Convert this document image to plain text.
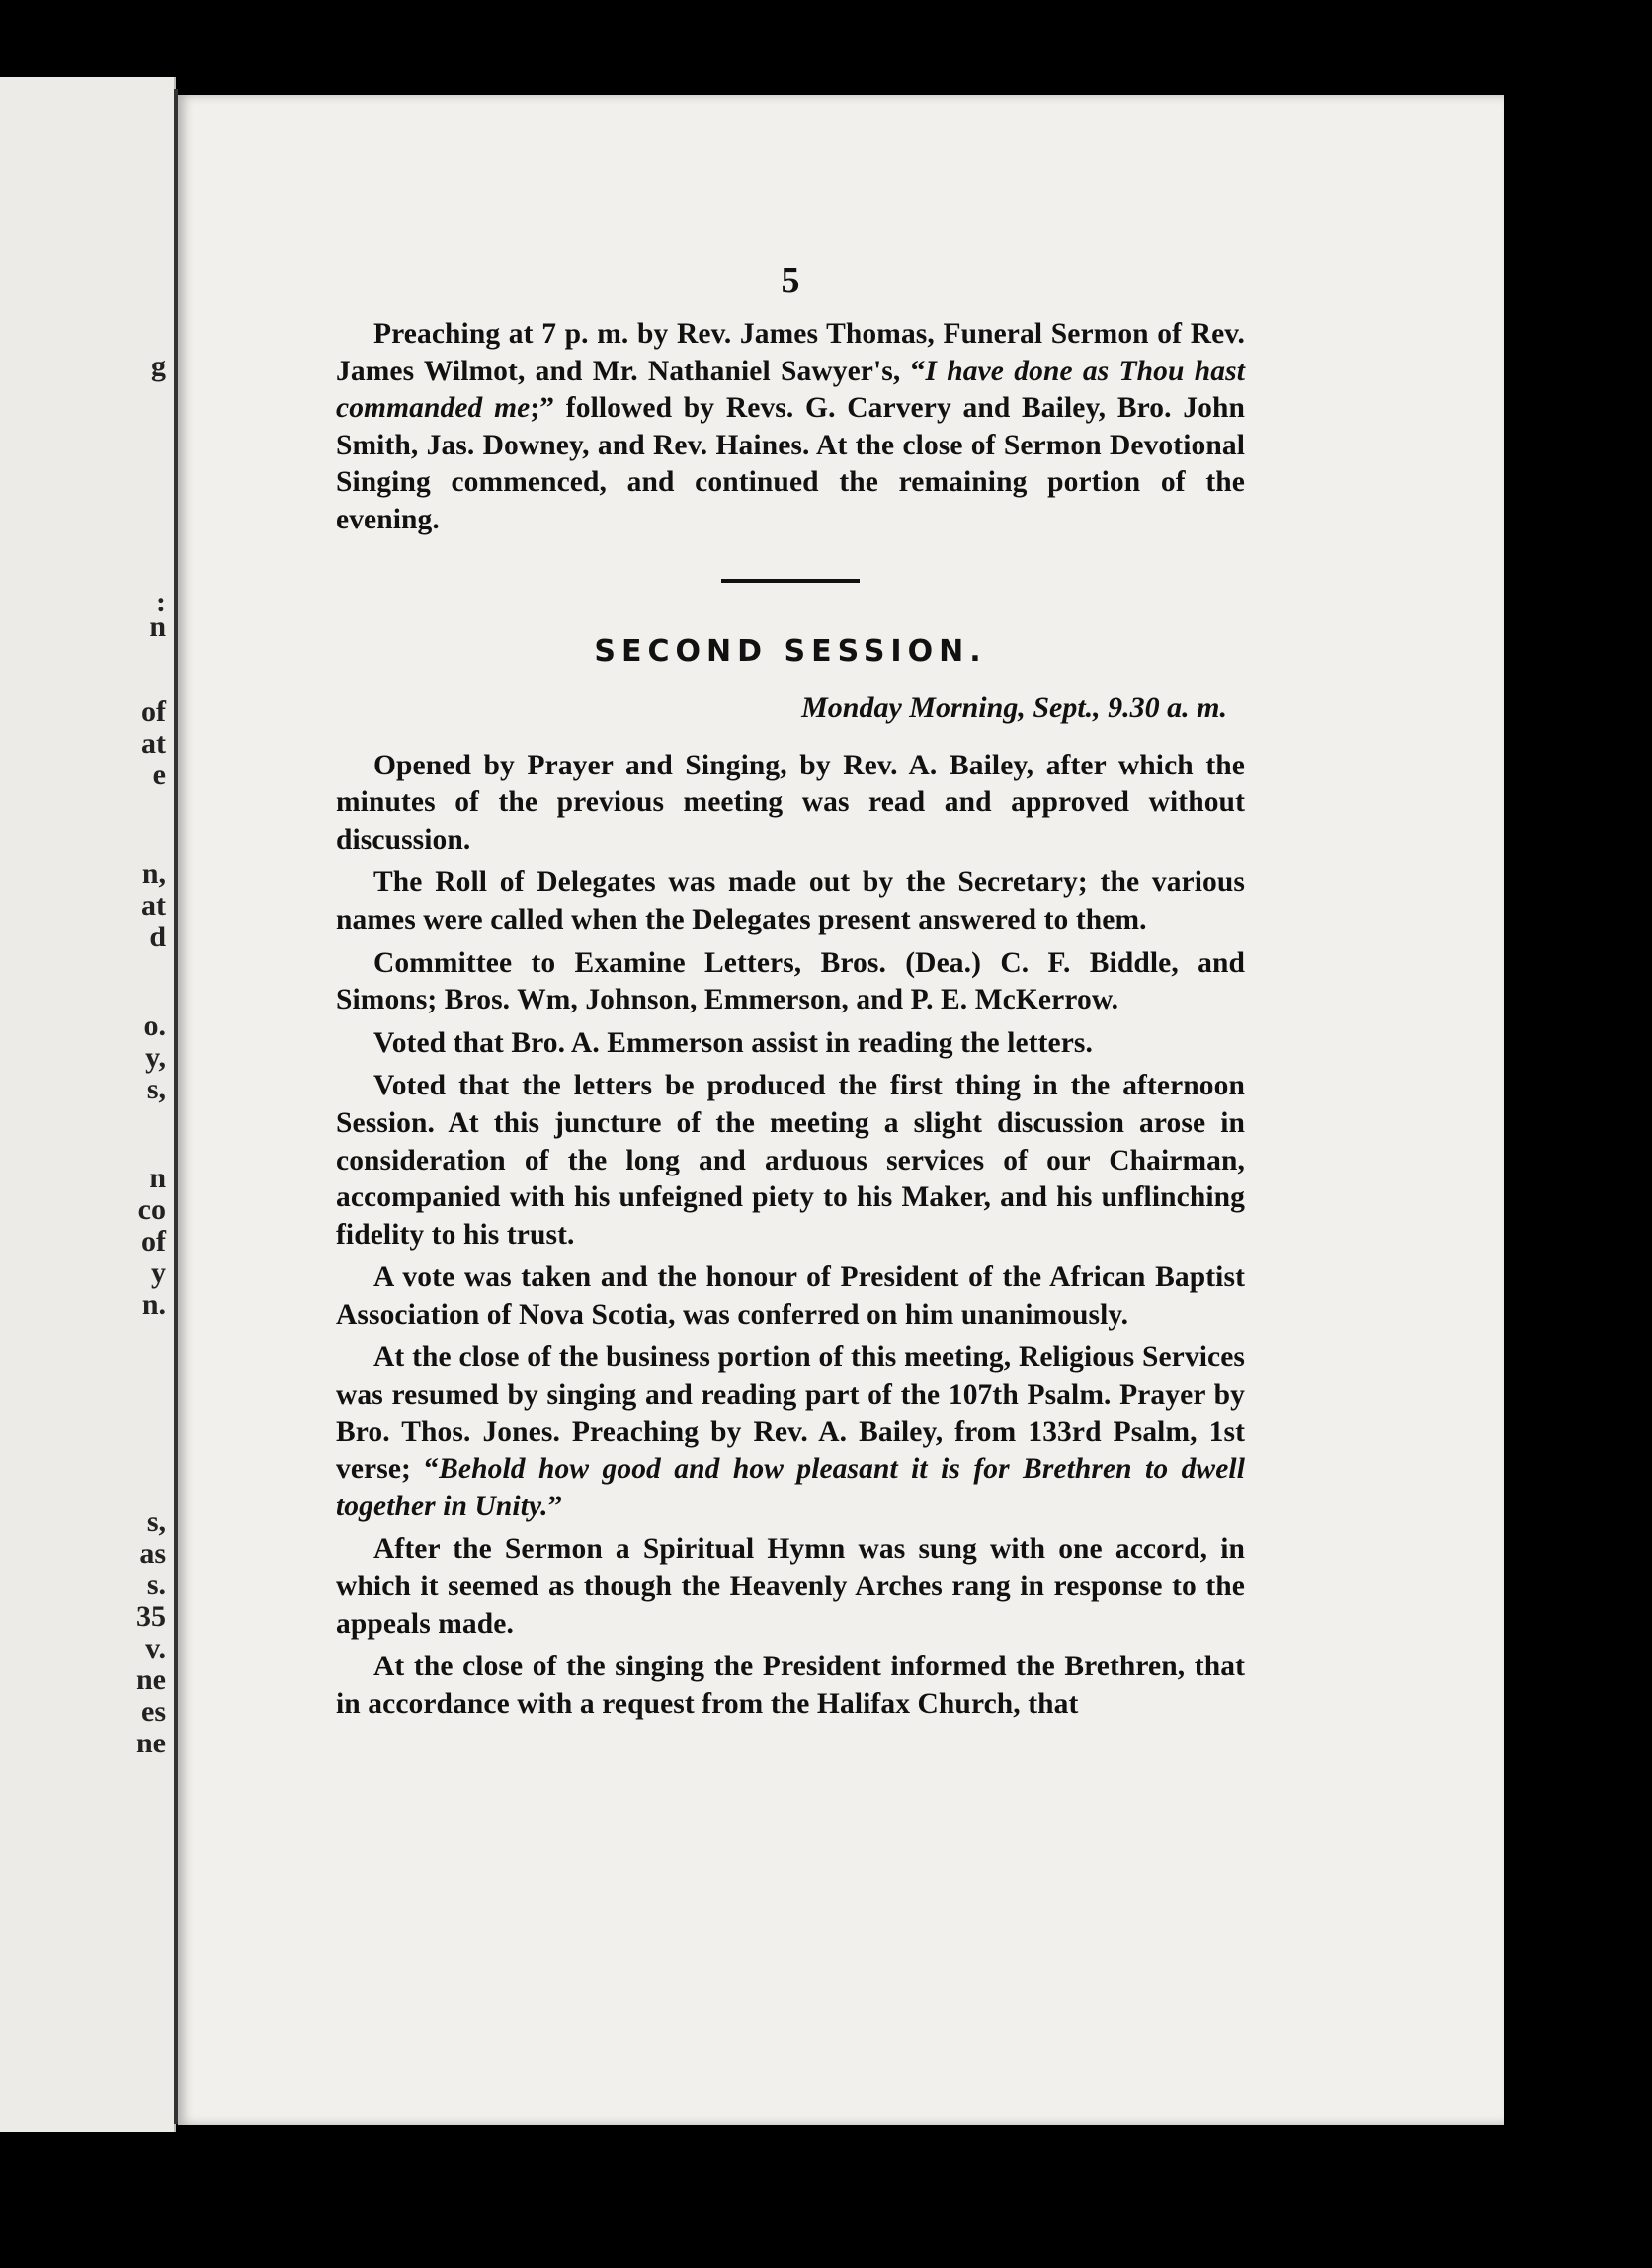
g
:
n
of
at
e
n,
at
d
o.
y,
s,
n
co
of
y
n.
s,
as
s.
35
v.
ne
es
ne
5

Preaching at 7 p. m. by Rev. James Thomas, Funeral Sermon of Rev. James Wilmot, and Mr. Nathaniel Sawyer's, “I have done as Thou hast commanded me;” followed by Revs. G. Carvery and Bailey, Bro. John Smith, Jas. Downey, and Rev. Haines. At the close of Sermon Devotional Singing commenced, and continued the remaining portion of the evening.

SECOND SESSION.
Monday Morning, Sept., 9.30 a. m.

Opened by Prayer and Singing, by Rev. A. Bailey, after which the minutes of the previous meeting was read and approved without discussion.

The Roll of Delegates was made out by the Secretary; the various names were called when the Delegates present answered to them.

Committee to Examine Letters, Bros. (Dea.) C. F. Biddle, and Simons; Bros. Wm, Johnson, Emmerson, and P. E. McKerrow.

Voted that Bro. A. Emmerson assist in reading the letters.

Voted that the letters be produced the first thing in the afternoon Session. At this juncture of the meeting a slight discussion arose in consideration of the long and arduous services of our Chairman, accompanied with his unfeigned piety to his Maker, and his unflinching fidelity to his trust.

A vote was taken and the honour of President of the African Baptist Association of Nova Scotia, was conferred on him unanimously.

At the close of the business portion of this meeting, Religious Services was resumed by singing and reading part of the 107th Psalm. Prayer by Bro. Thos. Jones. Preaching by Rev. A. Bailey, from 133rd Psalm, 1st verse; “Behold how good and how pleasant it is for Brethren to dwell together in Unity.”

After the Sermon a Spiritual Hymn was sung with one accord, in which it seemed as though the Heavenly Arches rang in response to the appeals made.

At the close of the singing the President informed the Brethren, that in accordance with a request from the Halifax Church, that
